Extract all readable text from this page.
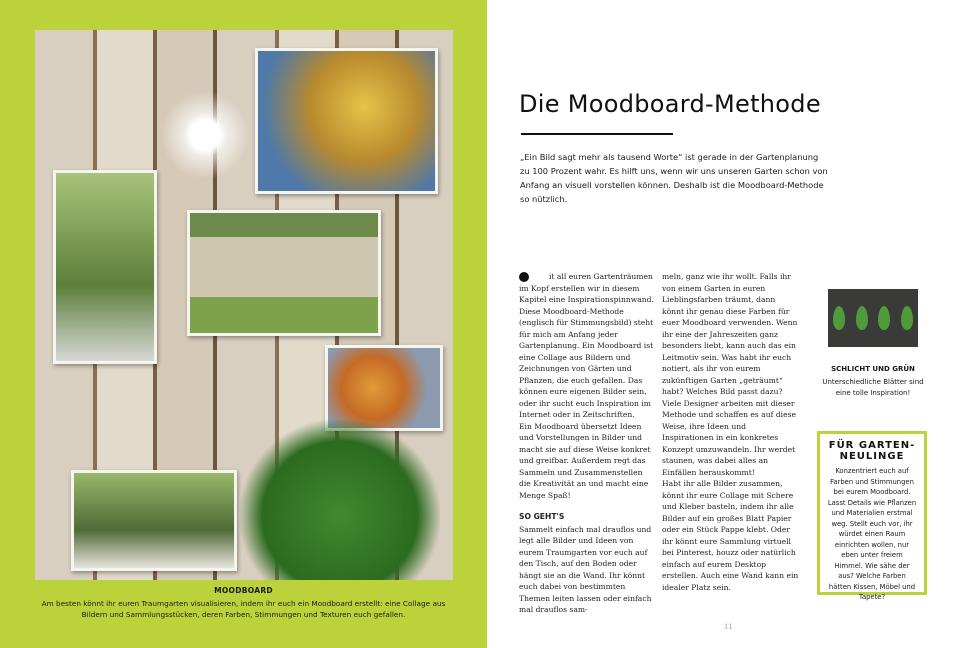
MOODBOARD
Am besten könnt ihr euren Traumgarten visualisieren, indem ihr euch ein Moodboard erstellt: eine Collage aus Bildern und Sammlungsstücken, deren Farben, Stimmungen und Texturen euch gefallen.
Die Moodboard-Methode
„Ein Bild sagt mehr als tausend Worte“ ist gerade in der Gartenplanung zu 100 Prozent wahr. Es hilft uns, wenn wir uns unseren Garten schon von Anfang an visuell vorstellen können. Deshalb ist die Moodboard-Methode so nützlich.

it all euren Gartenträumen im Kopf erstellen wir in diesem Kapitel eine Inspirationspinnwand. Diese Moodboard-Methode (englisch für Stimmungsbild) steht für mich am Anfang jeder Gartenplanung. Ein Moodboard ist eine Collage aus Bildern und Zeichnungen von Gärten und Pflanzen, die euch gefallen. Das können eure eigenen Bilder sein, oder ihr sucht euch Inspiration im Internet oder in Zeitschriften.

Ein Moodboard übersetzt Ideen und Vorstellungen in Bilder und macht sie auf diese Weise konkret und greifbar. Außerdem regt das Sammeln und Zusammenstellen die Kreativität an und macht eine Menge Spaß!

SO GEHT'S

Sammelt einfach mal drauflos und legt alle Bilder und Ideen von eurem Traumgarten vor euch auf den Tisch, auf den Boden oder hängt sie an die Wand. Ihr könnt euch dabei von bestimmten Themen leiten lassen oder einfach mal drauflos sam-

meln, ganz wie ihr wollt. Falls ihr von einem Garten in euren Lieblingsfarben träumt, dann könnt ihr genau diese Farben für euer Moodboard verwenden. Wenn ihr eine der Jahreszeiten ganz besonders liebt, kann auch das ein Leitmotiv sein. Was habt ihr euch notiert, als ihr von eurem zukünftigen Garten „geträumt“ habt? Welches Bild passt dazu?

Viele Designer arbeiten mit dieser Methode und schaffen es auf diese Weise, ihre Ideen und Inspirationen in ein konkretes Konzept umzuwandeln. Ihr werdet staunen, was dabei alles an Einfällen herauskommt!

Habt ihr alle Bilder zusammen, könnt ihr eure Collage mit Schere und Kleber basteln, indem ihr alle Bilder auf ein großes Blatt Papier oder ein Stück Pappe klebt. Oder ihr könnt eure Sammlung virtuell bei Pinterest, houzz oder natürlich einfach auf eurem Desktop erstellen. Auch eine Wand kann ein idealer Platz sein.

SCHLICHT UND GRÜN
Unterschiedliche Blätter sind eine tolle Inspiration!
FÜR GARTEN-NEULINGE
Konzentriert euch auf Farben und Stimmungen bei eurem Moodboard. Lasst Details wie Pflanzen und Materialien erstmal weg. Stellt euch vor, ihr würdet einen Raum einrichten wollen, nur eben unter freiem Himmel. Wie sähe der aus? Welche Farben hätten Kissen, Möbel und Tapete?
11
